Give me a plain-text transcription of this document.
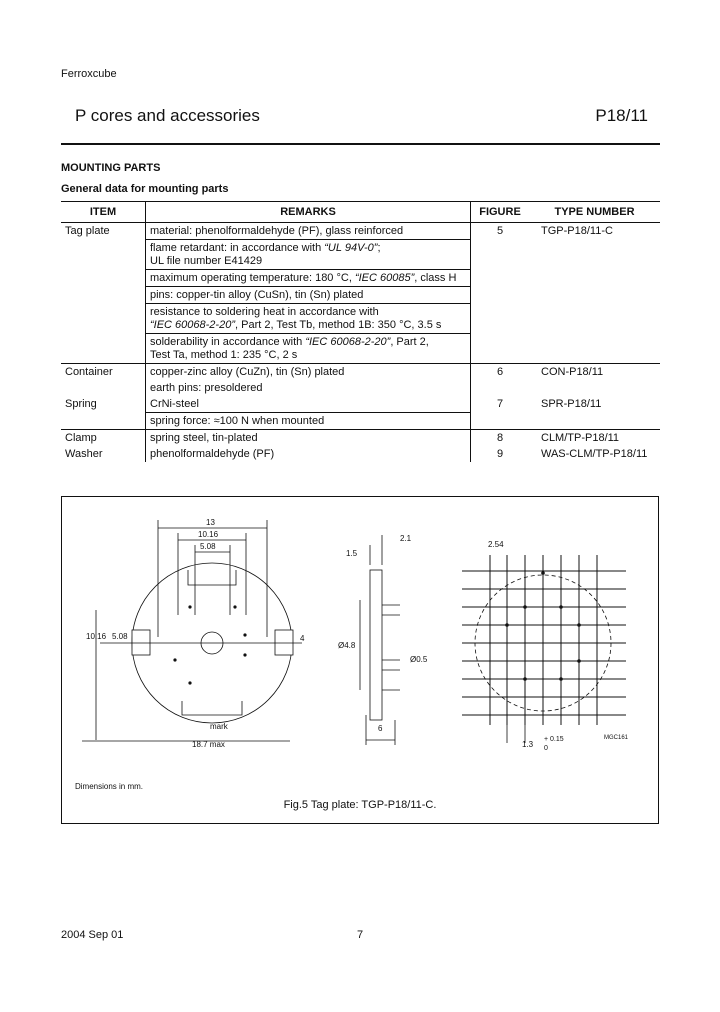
Ferroxcube
P cores and accessories	P18/11
MOUNTING PARTS
General data for mounting parts
ITEM	REMARKS	FIGURE	TYPE NUMBER
Tag plate	material: phenolformaldehyde (PF), glass reinforced	5	TGP-P18/11-C
	flame retardant: in accordance with “UL 94V-0”;
UL file number E41429		
	maximum operating temperature: 180 °C, “IEC 60085”, class H		
	pins: copper-tin alloy (CuSn), tin (Sn) plated		
	resistance to soldering heat in accordance with
“IEC 60068-2-20”, Part 2, Test Tb, method 1B: 350 °C, 3.5 s		
	solderability in accordance with “IEC 60068-2-20”, Part 2,
Test Ta, method 1: 235 °C, 2 s		
Container	copper-zinc alloy (CuZn), tin (Sn) plated	6	CON-P18/11
	earth pins: presoldered		
Spring	CrNi-steel	7	SPR-P18/11
	spring force: ≈100 N when mounted		
Clamp	spring steel, tin-plated	8	CLM/TP-P18/11
Washer	phenolformaldehyde (PF)	9	WAS-CLM/TP-P18/11
13
10.16
5.08
10.16 5.08	4
18.7 max
mark
2.1
1.5
Ø4.8
Ø0.5
6
2.54
1.3
+ 0.15
0
MGC161
Dimensions in mm.
Fig.5 Tag plate: TGP-P18/11-C.
2004 Sep 01	7
